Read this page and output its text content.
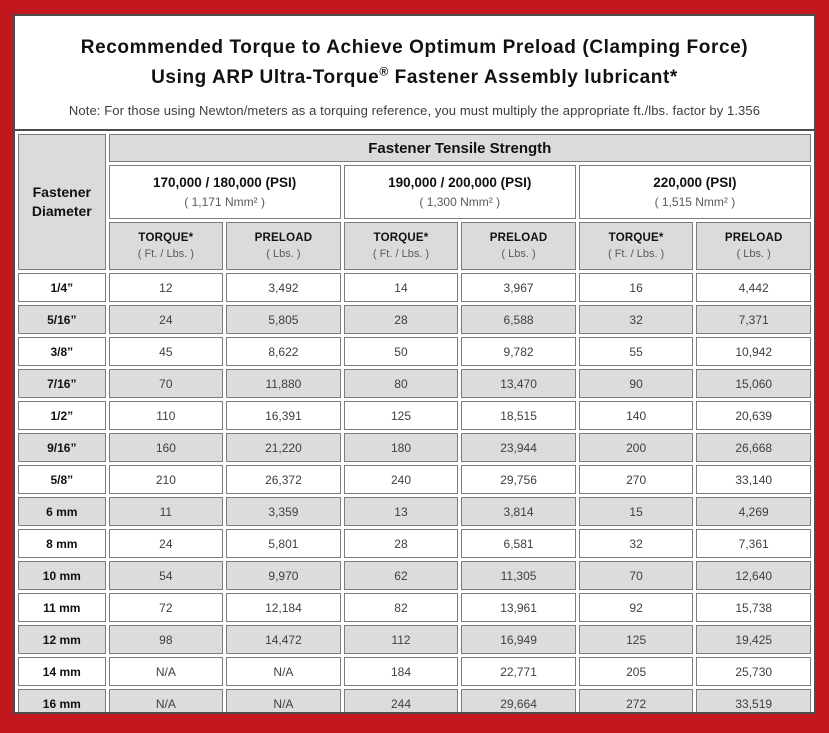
Recommended Torque to Achieve Optimum Preload (Clamping Force)
Using ARP Ultra-Torque® Fastener Assembly lubricant*
Note: For those using Newton/meters as a torquing reference, you must multiply the appropriate ft./lbs. factor by 1.356
Fastener
Diameter	Fastener Tensile Strength					

	170,000 / 180,000 (PSI)
( 1,171 Nmm² )		190,000 / 200,000 (PSI)
( 1,300 Nmm² )		220,000 (PSI)
( 1,515 Nmm² )	

	TORQUE*
( Ft. / Lbs. )	PRELOAD
( Lbs. )	TORQUE*
( Ft. / Lbs. )	PRELOAD
( Lbs. )	TORQUE*
( Ft. / Lbs. )	PRELOAD
( Lbs. )

1/4”	12	3,492	14	3,967	16	4,442
5/16”	24	5,805	28	6,588	32	7,371
3/8”	45	8,622	50	9,782	55	10,942
7/16”	70	11,880	80	13,470	90	15,060
1/2”	110	16,391	125	18,515	140	20,639
9/16”	160	21,220	180	23,944	200	26,668
5/8”	210	26,372	240	29,756	270	33,140
6 mm	11	3,359	13	3,814	15	4,269
8 mm	24	5,801	28	6,581	32	7,361
10 mm	54	9,970	62	11,305	70	12,640
11 mm	72	12,184	82	13,961	92	15,738
12 mm	98	14,472	112	16,949	125	19,425
14 mm	N/A	N/A	184	22,771	205	25,730
16 mm	N/A	N/A	244	29,664	272	33,519
